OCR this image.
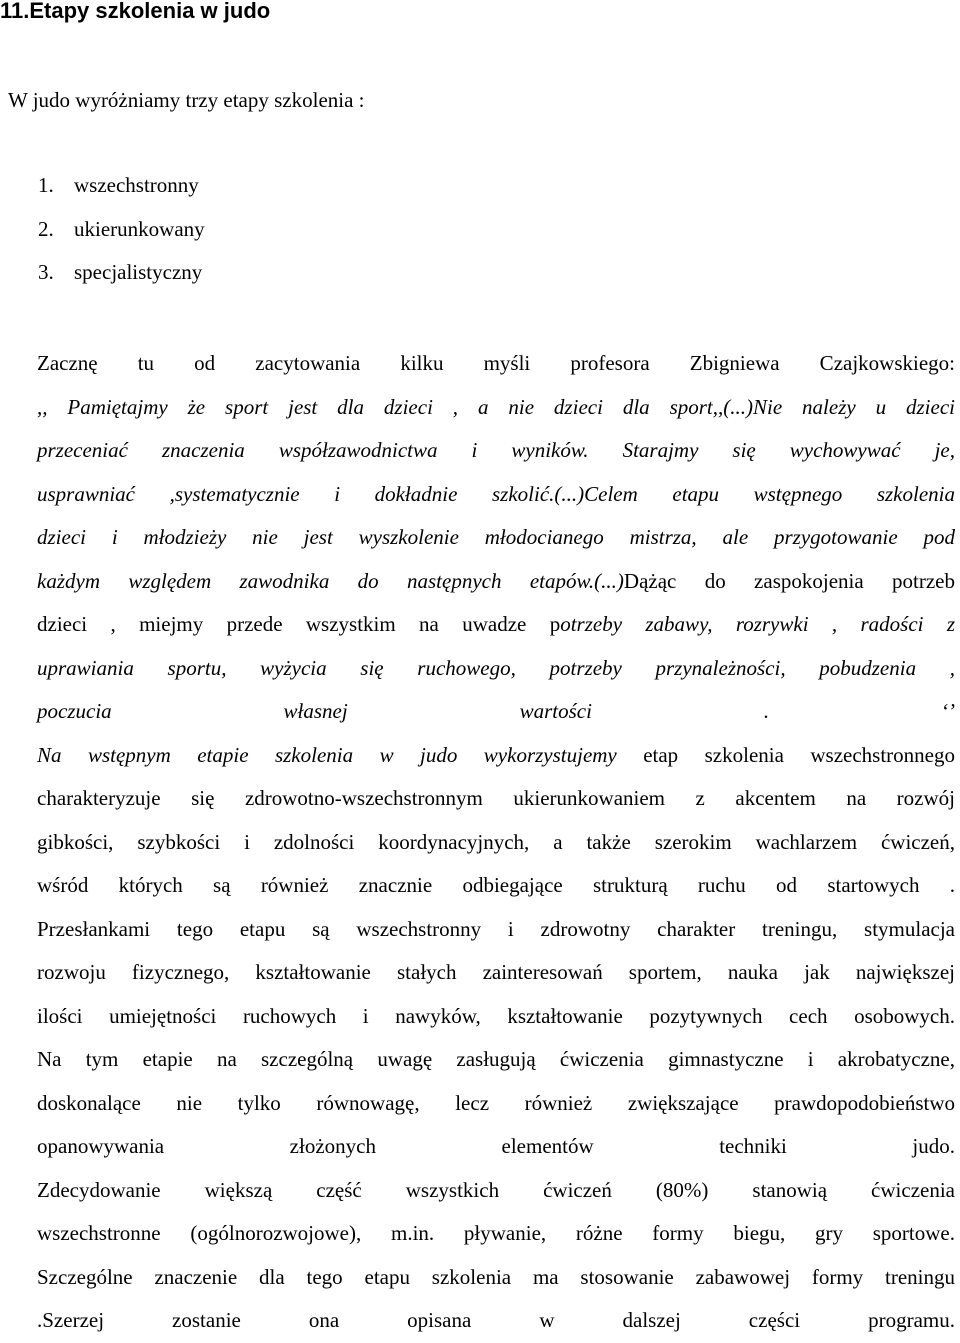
11.Etapy szkolenia w judo

W judo wyróżniamy trzy etapy szkolenia :

1. wszechstronny
2. ukierunkowany
3. specjalistyczny
Zacznę tu od zacytowania kilku myśli profesora Zbigniewa Czajkowskiego:
,, Pamiętajmy że sport jest dla dzieci , a nie dzieci dla sport,,(...)Nie należy u dzieci
przeceniać znaczenia współzawodnictwa i wyników. Starajmy się wychowywać je,
usprawniać ,systematycznie i dokładnie szkolić.(...)Celem etapu wstępnego szkolenia
dzieci i młodzieży nie jest wyszkolenie młodocianego mistrza, ale przygotowanie pod
każdym względem zawodnika do następnych etapów.(...)Dążąc do zaspokojenia potrzeb
dzieci , miejmy przede wszystkim na uwadze potrzeby zabawy, rozrywki , radości z
uprawiania sportu, wyżycia się ruchowego, potrzeby przynależności, pobudzenia ,
poczucia własnej wartości . ‘’
Na wstępnym etapie szkolenia w judo wykorzystujemy etap szkolenia wszechstronnego
charakteryzuje się zdrowotno-wszechstronnym ukierunkowaniem z akcentem na rozwój
gibkości, szybkości i zdolności koordynacyjnych, a także szerokim wachlarzem ćwiczeń,
wśród których są również znacznie odbiegające strukturą ruchu od startowych .
Przesłankami tego etapu są wszechstronny i zdrowotny charakter treningu, stymulacja
rozwoju fizycznego, kształtowanie stałych zainteresowań sportem, nauka jak największej
ilości umiejętności ruchowych i nawyków, kształtowanie pozytywnych cech osobowych.
Na tym etapie na szczególną uwagę zasługują ćwiczenia gimnastyczne i akrobatyczne,
doskonalące nie tylko równowagę, lecz również zwiększające prawdopodobieństwo
opanowywania złożonych elementów techniki judo.
Zdecydowanie większą część wszystkich ćwiczeń (80%) stanowią ćwiczenia
wszechstronne (ogólnorozwojowe), m.in. pływanie, różne formy biegu, gry sportowe.
Szczególne znaczenie dla tego etapu szkolenia ma stosowanie zabawowej formy treningu
.Szerzej zostanie ona opisana w dalszej części programu.
